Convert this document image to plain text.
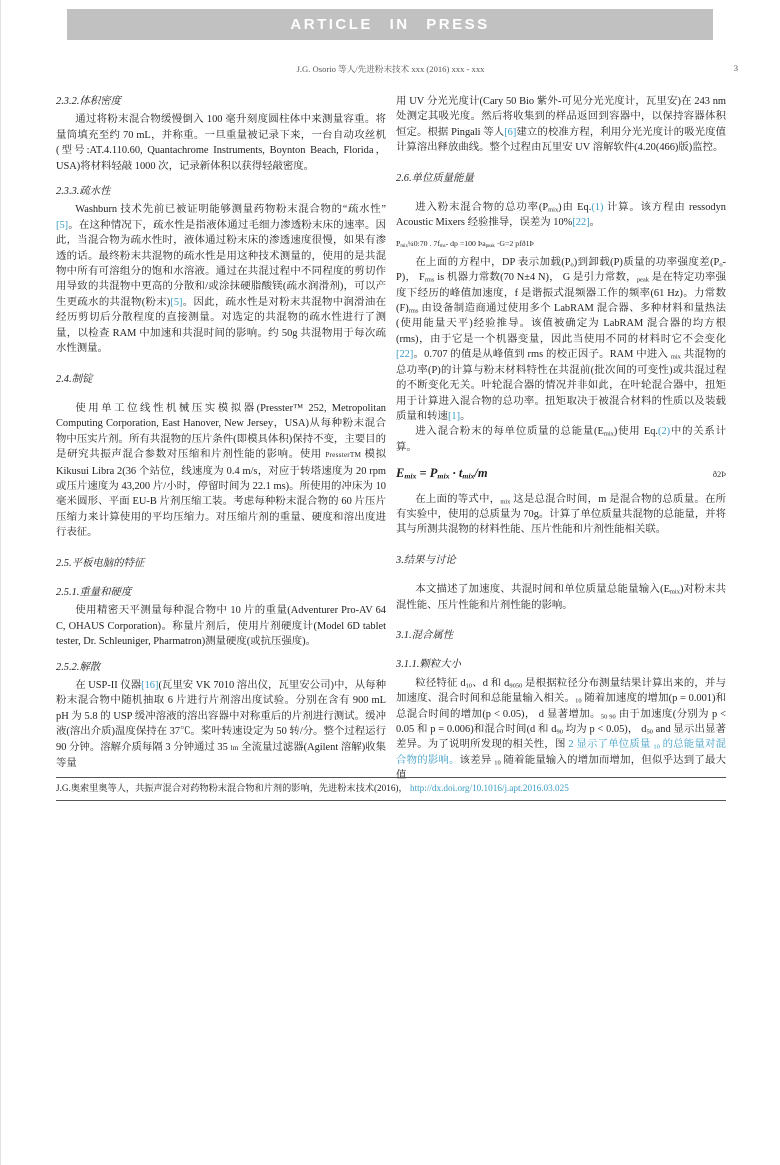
ARTICLE IN PRESS
J.G. Osorio 等人/先进粉末技术 xxx (2016) xxx - xxx	3
2.3.2.体积密度
通过将粉末混合物缓慢倒入 100 毫升刻度圆柱体中来测量容重。将量筒填充至约 70 mL，并称重。一旦重量被记录下来，一台自动攻丝机(型号:AT.4.110.60, Quantachrome Instruments, Boynton Beach, Florida，USA)将材料轻敲 1000 次，记录新体积以获得轻敲密度。
2.3.3.疏水性
Washburn 技术先前已被证明能够测量药物粉末混合物的“疏水性” [5]。在这种情况下，疏水性是指液体通过毛细力渗透粉末床的速率。因此，当混合物为疏水性时，液体通过粉末床的渗透速度很慢，如果有渗透的话。最终粉末共混物的疏水性是用这种技术测量的，使用的是共混物中所有可溶组分的饱和水溶液。通过在共混过程中不同程度的剪切作用导致的共混物中更高的分散和/或涂抹硬脂酸镁(疏水润滑剂)，可以产生更疏水的共混物(粉末)[5]。因此，疏水性是对粉末共混物中润滑油在经历剪切后分散程度的直接测量。对选定的共混物的疏水性进行了测量，以检查 RAM 中加速和共混时间的影响。约 50g 共混物用于每次疏水性测量。
2.4.制锭
使用单工位线性机械压实模拟器(Presster™ 252, Metropolitan Computing Corporation, East Hanover, New Jersey，USA)从每种粉末混合物中压实片剂。所有共混物的压片条件(即模具体积)保持不变，主要目的是研究共振声混合参数对压缩和片剂性能的影响。使用 PressterTM 模拟 Kikusui Libra 2(36 个站位，线速度为 0.4 m/s，对应于转塔速度为 20 rpm 或压片速度为 43,200 片/小时，停留时间为 22.1 ms)。所使用的冲床为 10 毫米圆形、平面 EU-B 片剂压缩工装。考虑每种粉末混合物的 60 片压片压缩力来计算使用的平均压缩力。对压缩片剂的重量、硬度和溶出度进行表征。
2.5.平板电脑的特征
2.5.1.重量和硬度
使用精密天平测量每种混合物中 10 片的重量(Adventurer Pro-AV 64 C, OHAUS Corporation)。称量片剂后，使用片剂硬度计(Model 6D tablet tester, Dr. Schleuniger, Pharmatron)测量硬度(或抗压强度)。
2.5.2.解散
在 USP-II 仪器[16](瓦里安 VK 7010 溶出仪，瓦里安公司)中，从每种粉末混合物中随机抽取 6 片进行片剂溶出度试验。分别在含有 900 mL pH 为 5.8 的 USP 缓冲溶液的溶出容器中对称重后的片剂进行测试。缓冲液(溶出介质)温度保持在 37℃。桨叶转速设定为 50 转/分。整个过程运行 90 分钟。溶解介质每隔 3 分钟通过 35 lm 全流量过滤器(Agilent 溶解)收集等量
用 UV 分光光度计(Cary 50 Bio 紫外-可见分光光度计，瓦里安)在 243 nm 处测定其吸光度。然后将收集到的样品返回到容器中，以保持容器体积恒定。根据 Pingali 等人[6]建立的校准方程，利用分光光度计的吸光度值计算溶出释放曲线。整个过程由瓦里安 UV 溶解软件(4.20(466)版)监控。
2.6.单位质量能量
进入粉末混合物的总功率$(P_{mix})$由 Eq.(1) 计算。该方程由 ressodyn Acoustic Mixers 经验推导，误差为 10%[22]。
$P_{mix}\frac{1}{4}0:70$ . $7f_{ms}-$ dp =100 $Þa_{peak} \cdot G=2$ pfð1Þ
在上面的方程中，DP 表示加载$(P_o)$到卸载(P)质量的功率强度差($P_o-$ P)， $F_{rms}$ is 机器力常数(70 N±4 N)， G 是引力常数，$_{peak}$ 是在特定功率强度下经历的峰值加速度，f 是谐振式混频器工作的频率(61 Hz)。力常数$(F)_{rms}$ 由设备制造商通过使用多个 LabRAM 混合器、多种材料和量热法(使用能量天平)经验推导。该值被确定为 LabRAM 混合器的均方根(rms)，由于它是一个机器变量，因此当使用不同的材料时它不会变化[22]。0.707 的值是从峰值到 rms 的校正因子。RAM 中进入 $_{mix}$ 共混物的总功率(P)的计算与粉末材料特性在共混前(批次间的可变性)或共混过程的不断变化无关。叶轮混合器的情况并非如此，在叶轮混合器中，扭矩用于计算进入混合物的总功率。扭矩取决于被混合材料的性质以及装载质量和转速[1]。
进入混合粉末的每单位质量的总能量$(E_{mix})$使用 Eq.(2)中的关系计算。
$E_{mix} = P_{mix} \cdot t_{mix}/m$	ð2Þ
在上面的等式中，$_{mix}$ 这是总混合时间，m 是混合物的总质量。在所有实验中，使用的总质量为 70g。计算了单位质量共混物的总能量，并将其与所测共混物的材料性能、压片性能和片剂性能相关联。
3.结果与讨论
本文描述了加速度、共混时间和单位质量总能量输入$(E_{mix})$对粉末共混性能、压片性能和片剂性能的影响。
3.1.混合属性
3.1.1.颗粒大小
粒径特征 $d_{10}$、d 和 $d_{9050}$ 是根据粒径分布测量结果计算出来的，并与加速度、混合时间和总能量输入相关。$_{10}$ 随着加速度的增加(p = 0.001)和总混合时间的增加(p < 0.05)， d 显著增加。$_{50 90}$ 由于加速度(分别为 p < 0.05 和 p = 0.006)和混合时间(d 和 $d_{90}$ 均为 p < 0.05)， $d_{50}$ and 显示出显著差异。为了说明所发现的相关性，图 2 显示了单位质量 $_{10}$ 的总能量对混合物的影响。该差异 $_{10}$ 随着能量输入的增加而增加，但似乎达到了最大值
J.G.奥索里奥等人，共振声混合对药物粉末混合物和片剂的影响，先进粉末技术(2016)， http://dx.doi.org/10.1016/j.apt.2016.03.025
